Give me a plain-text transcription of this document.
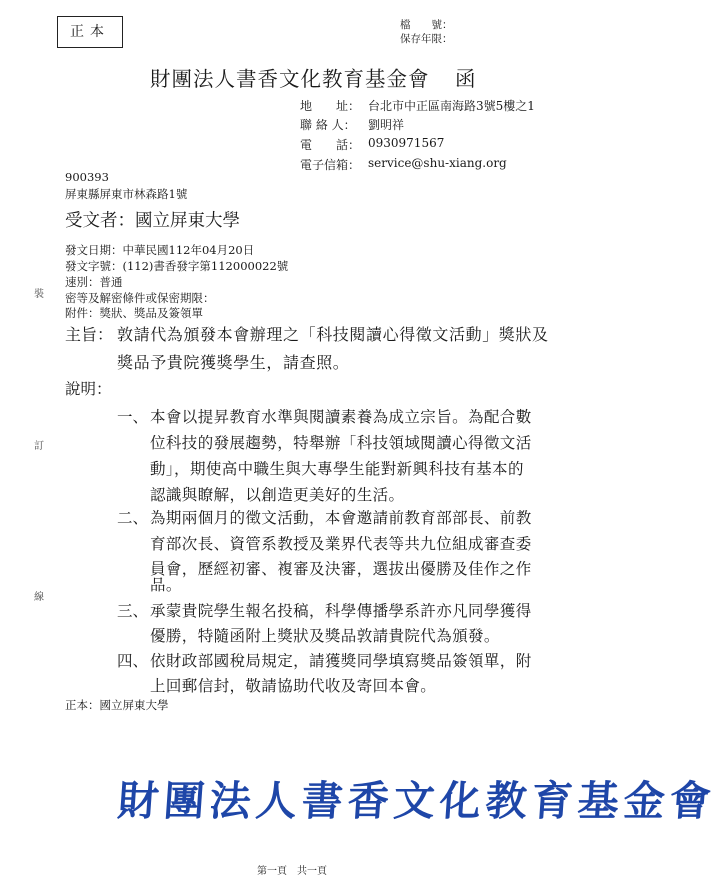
正本	檔　　號：
保存年限：
財團法人書香文化教育基金會 函
地　　址： 台北市中正區南海路3號5樓之1
聯 絡 人： 劉明祥
電　　話： 0930971567
電子信箱： service@shu-xiang.org
900393
屏東縣屏東市林森路1號
受文者：國立屏東大學
發文日期：中華民國112年04月20日
發文字號：(112)書香發字第112000022號
速別：普通
密等及解密條件或保密期限：
附件：獎狀、獎品及簽領單
主旨： 敦請代為頒發本會辦理之「科技閱讀心得徵文活動」獎狀及
獎品予貴院獲獎學生，請查照。
說明：
一、 本會以提昇教育水準與閱讀素養為成立宗旨。為配合數
位科技的發展趨勢，特舉辦「科技領域閱讀心得徵文活
動」，期使高中職生與大專學生能對新興科技有基本的
認識與瞭解，以創造更美好的生活。
二、 為期兩個月的徵文活動，本會邀請前教育部部長、前教
育部次長、資管系教授及業界代表等共九位組成審查委
員會，歷經初審、複審及決審，選拔出優勝及佳作之作
品。
三、 承蒙貴院學生報名投稿，科學傳播學系許亦凡同學獲得
優勝，特隨函附上獎狀及獎品敦請貴院代為頒發。
四、 依財政部國稅局規定，請獲獎同學填寫獎品簽領單，附
上回郵信封，敬請協助代收及寄回本會。
正本：國立屏東大學
財團法人書香文化教育基金會
第一頁　共一頁
裝
訂
線
